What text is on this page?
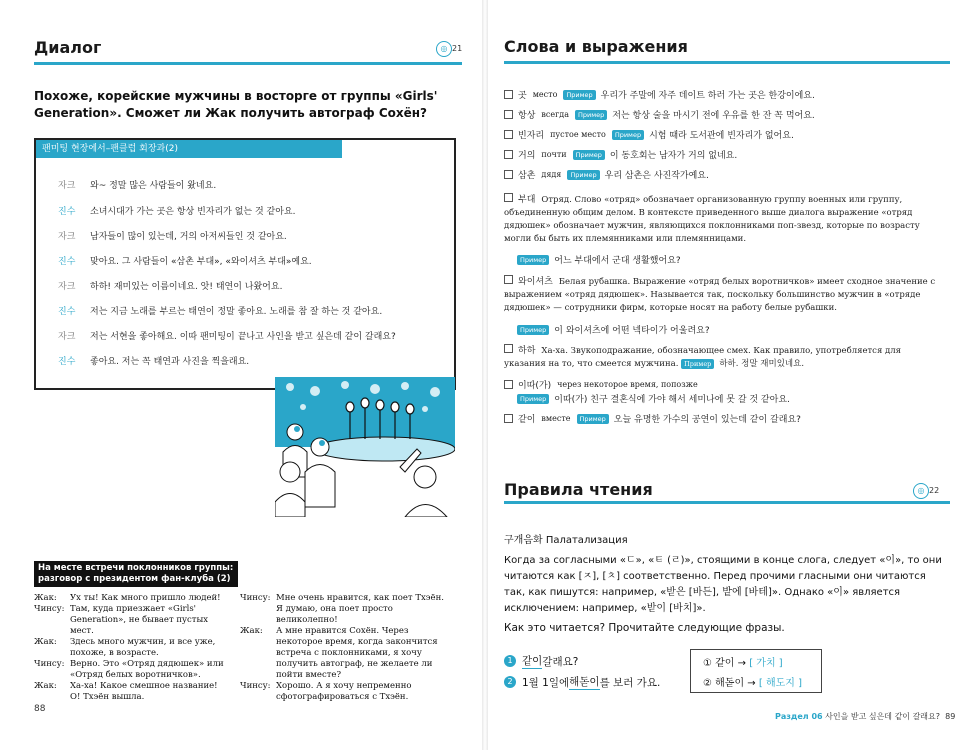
Диалог	◎ 21
Похоже, корейские мужчины в восторге от группы «Girls' Generation». Сможет ли Жак получить автограф Сохён?
팬미팅 현장에서–팬클럽 회장과(2)
자크 와~ 정말 많은 사람들이 왔네요.
진수 소녀시대가 가는 곳은 항상 빈자리가 없는 것 같아요.
자크 남자들이 많이 있는데, 거의 아저씨들인 것 같아요.
진수 맞아요. 그 사람들이 «삼촌 부대», «와이셔츠 부대»예요.
자크 하하! 재미있는 이름이네요. 앗! 태연이 나왔어요.
진수 저는 지금 노래를 부르는 태연이 정말 좋아요. 노래를 참 잘 하는 것 같아요.
자크 저는 서현을 좋아해요. 이따 팬미팅이 끝나고 사인을 받고 싶은데 같이 갈래요?
진수 좋아요. 저는 꼭 태연과 사진을 찍을래요.
На месте встречи поклонников группы: разговор с президентом фан-клуба (2)
Жак:	Ух ты! Как много пришло людей!
Чинсу: Там, куда приезжает «Girls' Generation», не бывает пустых мест.
Жак:	Здесь много мужчин, и все уже, похоже, в возрасте.
Чинсу: Верно. Это «Отряд дядюшек» или «Отряд белых воротничков».
Жак:	Ха-ха! Какое смешное название! О! Тхэён вышла.
Чинсу: Мне очень нравится, как поет Тхэён. Я думаю, она поет просто великолепно!
Жак:	А мне нравится Сохён. Через некоторое время, когда закончится встреча с поклонниками, я хочу получить автограф, не желаете ли пойти вместе?
Чинсу: Хорошо. А я хочу непременно сфотографироваться с Тхэён.
88
Слова и выражения
곳 место	Пример 우리가 주말에 자주 데이트 하러 가는 곳은 한강이에요.
항상 всегда	Пример 저는 항상 술을 마시기 전에 우유를 한 잔 꼭 먹어요.
빈자리 пустое место	Пример 시험 때라 도서관에 빈자리가 없어요.
거의 почти	Пример 이 동호회는 남자가 거의 없네요.
삼촌 дядя	Пример 우리 삼촌은 사진작가예요.
부대 Отряд. Слово «отряд» обозначает организованную группу военных или группу, объединенную общим делом. В контексте приведенного выше диалога выражение «отряд дядюшек» обозначает мужчин, являющихся поклонниками поп-звезд, которые по возрасту могли бы быть их племянниками или племянницами.
Пример 어느 부대에서 군대 생활했어요?
와이셔츠 Белая рубашка. Выражение «отряд белых воротничков» имеет сходное значение с выражением «отряд дядюшек». Называется так, поскольку большинство мужчин в «отряде дядюшек» — сотрудники фирм, которые носят на работу белые рубашки.
Пример 이 와이셔츠에 어떤 넥타이가 어울려요?
하하 Ха-ха. Звукоподражание, обозначающее смех. Как правило, употребляется для указания на то, что смеется мужчина. Пример 하하. 정말 재미있네요.
이따(가) через некоторое время, попозже
Пример 이따(가) 친구 결혼식에 가야 해서 세미나에 못 갈 것 같아요.
같이 вместе	Пример 오늘 유명한 가수의 공연이 있는데 같이 갈래요?
Правила чтения	◎ 22
구개음화 Палатализация
Когда за согласными «ㄷ», «ㅌ (ㄹ)», стоящими в конце слога, следует «이», то они читаются как [ㅈ], [ㅊ] соответственно. Перед прочими гласными они читаются так, как пишутся: например, «받은 [바든], 밭에 [바테]». Однако «이» является исключением: например, «받이 [바치]».
Как это читается? Прочитайте следующие фразы.
1 같이 갈래요?
2 1월 1일에 해돋이 를 보러 가요.
① 같이 → [ 가치 ]
② 해돋이 → [ 해도지 ]
Раздел 06 사인을 받고 싶은데 같이 갈래요? 89
